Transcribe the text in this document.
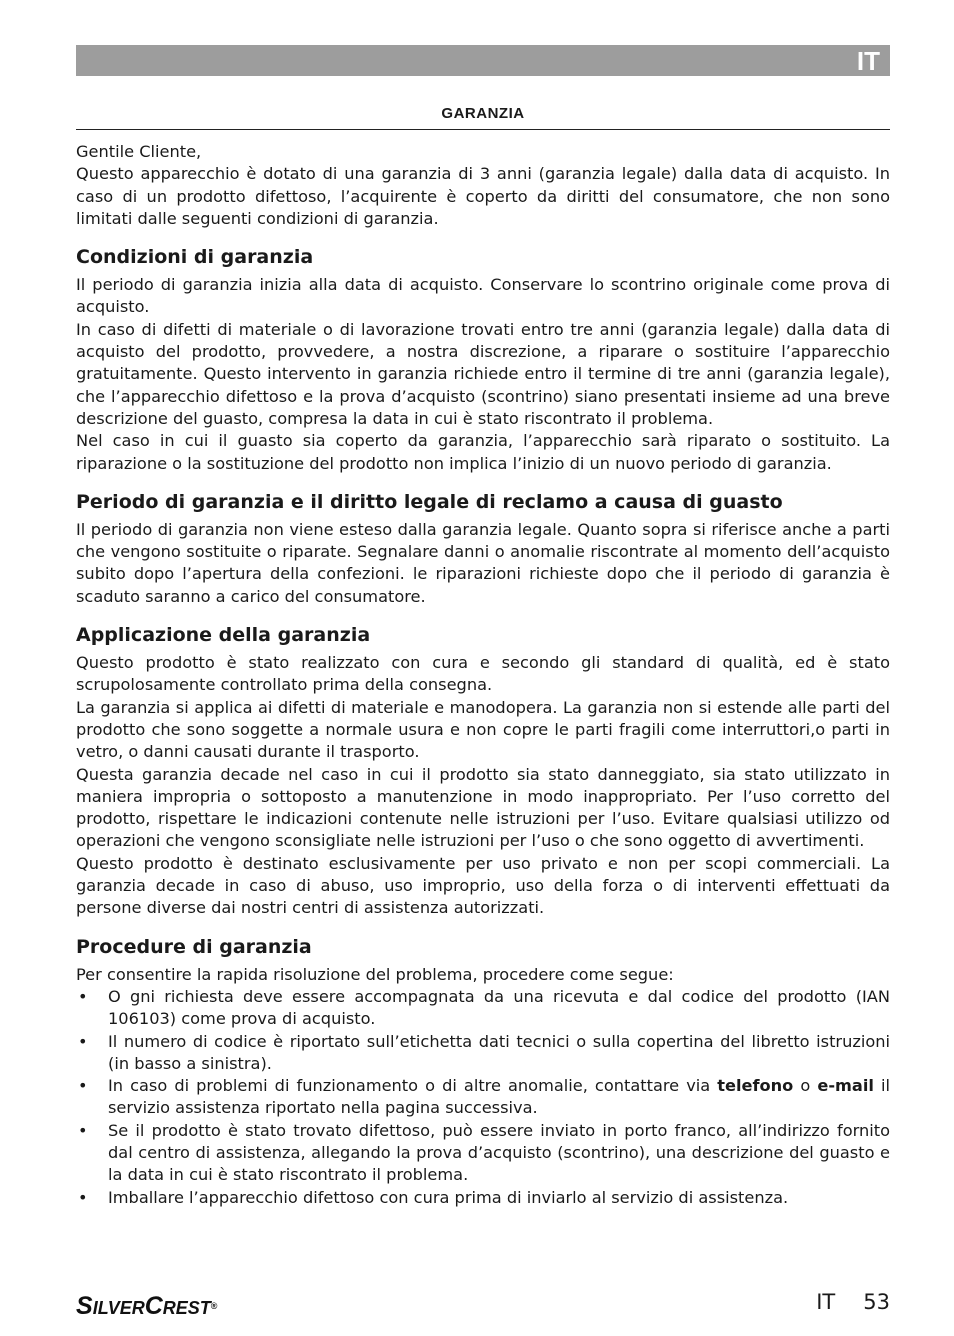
IT
GARANZIA

Gentile Cliente,

Questo apparecchio è dotato di una garanzia di 3 anni (garanzia legale) dalla data di acquisto. In caso di un prodotto difettoso, l’acquirente è coperto da diritti del consumatore, che non sono limitati dalle seguenti condizioni di garanzia.

Condizioni di garanzia

Il periodo di garanzia inizia alla data di acquisto. Conservare lo scontrino originale come prova di acquisto.

In caso di difetti di materiale o di lavorazione trovati entro tre anni (garanzia legale) dalla data di acquisto del prodotto, provvedere, a nostra discrezione, a riparare o sostituire l’apparecchio gratuitamente. Questo intervento in garanzia richiede entro il termine di tre anni (garanzia legale), che l’apparecchio difettoso e la prova d’acquisto (scontrino) siano presentati insieme ad una breve descrizione del guasto, compresa la data in cui è stato riscontrato il problema.

Nel caso in cui il guasto sia coperto da garanzia, l’apparecchio sarà riparato o sostituito. La riparazione o la sostituzione del prodotto non implica l’inizio di un nuovo periodo di garanzia.

Periodo di garanzia e il diritto legale di reclamo a causa di guasto

Il periodo di garanzia non viene esteso dalla garanzia legale. Quanto sopra si riferisce anche a parti che vengono sostituite o riparate. Segnalare danni o anomalie riscontrate al momento dell’acquisto subito dopo l’apertura della confezioni. le riparazioni richieste dopo che il periodo di garanzia è scaduto saranno a carico del consumatore.

Applicazione della garanzia

Questo prodotto è stato realizzato con cura e secondo gli standard di qualità, ed è stato scrupolosamente controllato prima della consegna.

La garanzia si applica ai difetti di materiale e manodopera. La garanzia non si estende alle parti del prodotto che sono soggette a normale usura e non copre le parti fragili come interruttori,o parti in vetro, o danni causati durante il trasporto.

Questa garanzia decade nel caso in cui il prodotto sia stato danneggiato, sia stato utilizzato in maniera impropria o sottoposto a manutenzione in modo inappropriato. Per l’uso corretto del prodotto, rispettare le indicazioni contenute nelle istruzioni per l’uso. Evitare qualsiasi utilizzo od operazioni che vengono sconsigliate nelle istruzioni per l’uso o che sono oggetto di avvertimenti.

Questo prodotto è destinato esclusivamente per uso privato e non per scopi commerciali. La garanzia decade in caso di abuso, uso improprio, uso della forza o di interventi effettuati da persone diverse dai nostri centri di assistenza autorizzati.

Procedure di garanzia

Per consentire la rapida risoluzione del problema, procedere come segue:

• O gni richiesta deve essere accompagnata da una ricevuta e dal codice del prodotto (IAN 106103) come prova di acquisto.
• Il numero di codice è riportato sull’etichetta dati tecnici o sulla copertina del libretto istruzioni (in basso a sinistra).
• In caso di problemi di funzionamento o di altre anomalie, contattare via telefono o e-mail il servizio assistenza riportato nella pagina successiva.
• Se il prodotto è stato trovato difettoso, può essere inviato in porto franco, all’indirizzo fornito dal centro di assistenza, allegando la prova d’acquisto (scontrino), una descrizione del guasto e la data in cui è stato riscontrato il problema.
• Imballare l’apparecchio difettoso con cura prima di inviarlo al servizio di assistenza.
SILVERCREST®	IT 53
